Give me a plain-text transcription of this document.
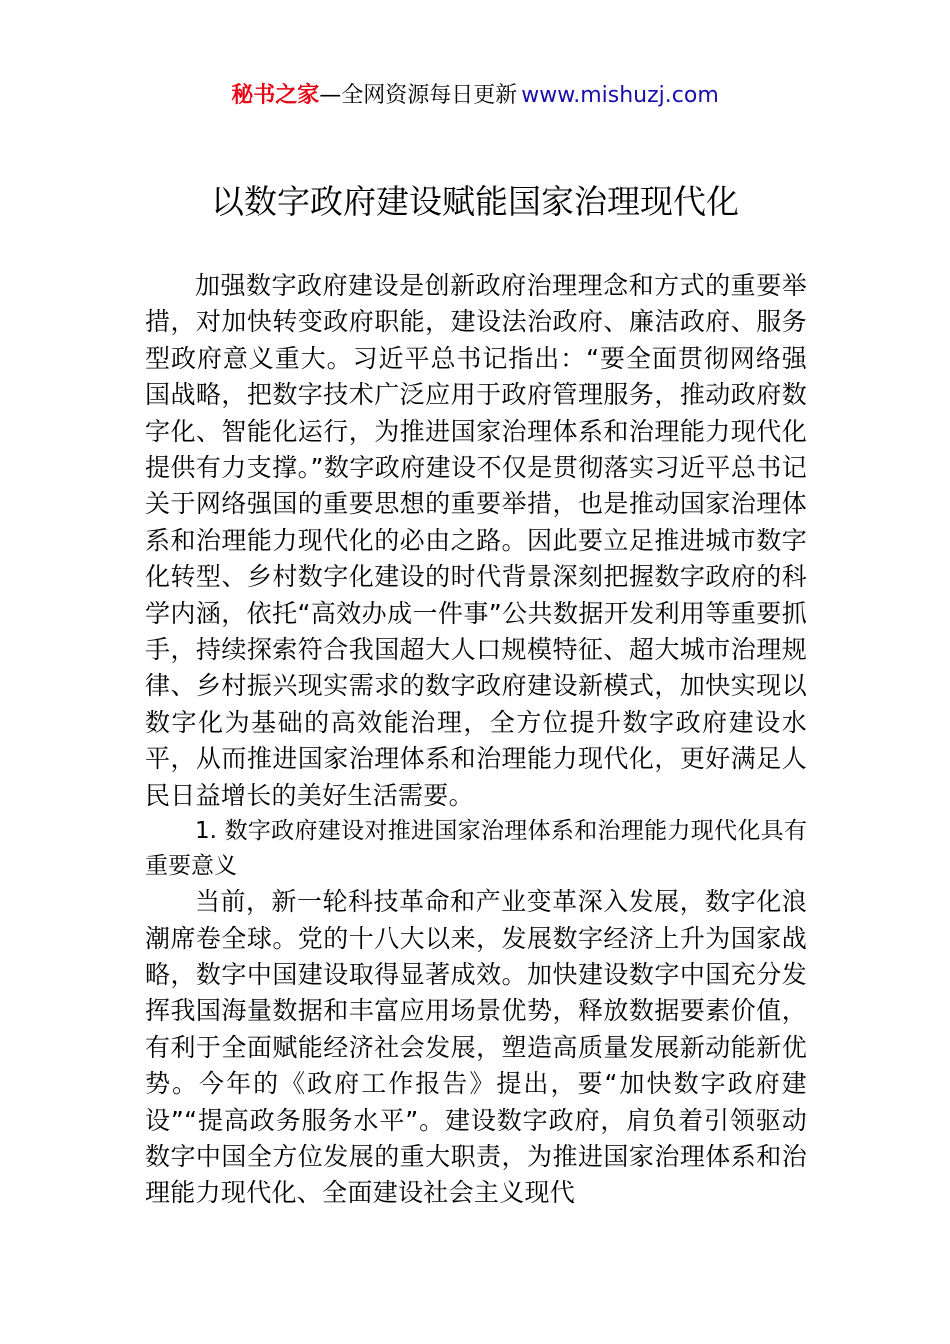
秘书之家—全网资源每日更新 www.mishuzj.com
以数字政府建设赋能国家治理现代化

加强数字政府建设是创新政府治理理念和方式的重要举措，对加快转变政府职能，建设法治政府、廉洁政府、服务型政府意义重大。习近平总书记指出：“要全面贯彻网络强国战略，把数字技术广泛应用于政府管理服务，推动政府数字化、智能化运行，为推进国家治理体系和治理能力现代化提供有力支撑。”数字政府建设不仅是贯彻落实习近平总书记关于网络强国的重要思想的重要举措，也是推动国家治理体系和治理能力现代化的必由之路。因此要立足推进城市数字化转型、乡村数字化建设的时代背景深刻把握数字政府的科学内涵，依托“高效办成一件事”公共数据开发利用等重要抓手，持续探索符合我国超大人口规模特征、超大城市治理规律、乡村振兴现实需求的数字政府建设新模式，加快实现以数字化为基础的高效能治理，全方位提升数字政府建设水平，从而推进国家治理体系和治理能力现代化，更好满足人民日益增长的美好生活需要。

1. 数字政府建设对推进国家治理体系和治理能力现代化具有重要意义

当前，新一轮科技革命和产业变革深入发展，数字化浪潮席卷全球。党的十八大以来，发展数字经济上升为国家战略，数字中国建设取得显著成效。加快建设数字中国充分发挥我国海量数据和丰富应用场景优势，释放数据要素价值，有利于全面赋能经济社会发展，塑造高质量发展新动能新优势。今年的《政府工作报告》提出，要“加快数字政府建设”“提高政务服务水平”。建设数字政府，肩负着引领驱动数字中国全方位发展的重大职责，为推进国家治理体系和治理能力现代化、全面建设社会主义现代
